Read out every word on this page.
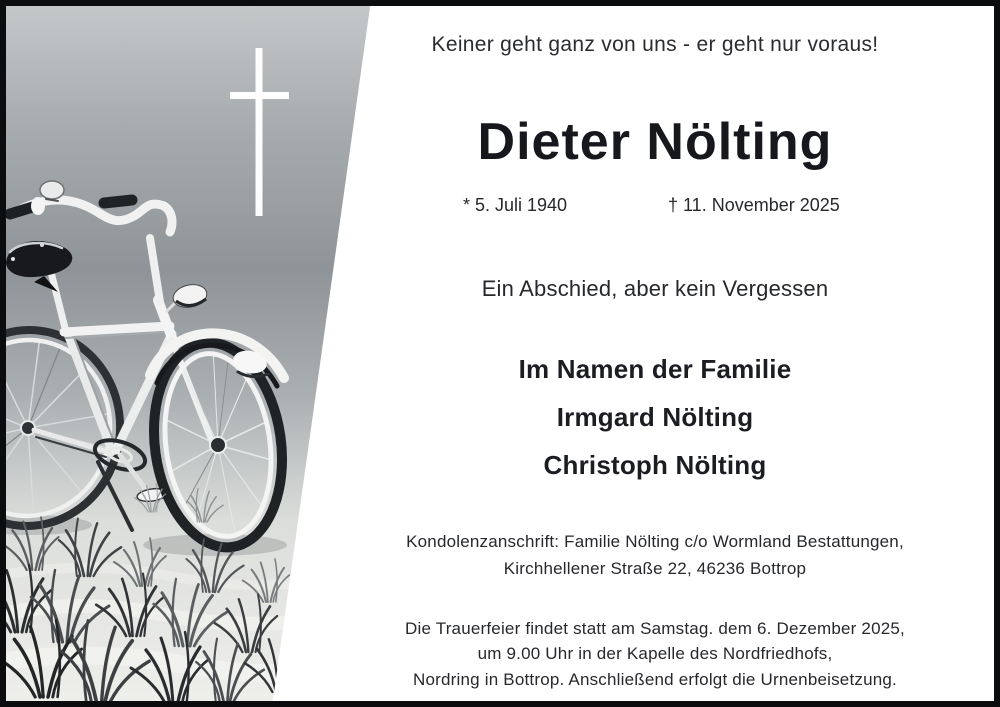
Keiner geht ganz von uns - er geht nur voraus!
Dieter Nölting
* 5. Juli 1940	† 11. November 2025
Ein Abschied, aber kein Vergessen
Im Namen der Familie
Irmgard Nölting
Christoph Nölting
Kondolenzanschrift: Familie Nölting c/o Wormland Bestattungen,
Kirchhellener Straße 22, 46236 Bottrop
Die Trauerfeier findet statt am Samstag. dem 6. Dezember 2025,
um 9.00 Uhr in der Kapelle des Nordfriedhofs,
Nordring in Bottrop. Anschließend erfolgt die Urnenbeisetzung.
